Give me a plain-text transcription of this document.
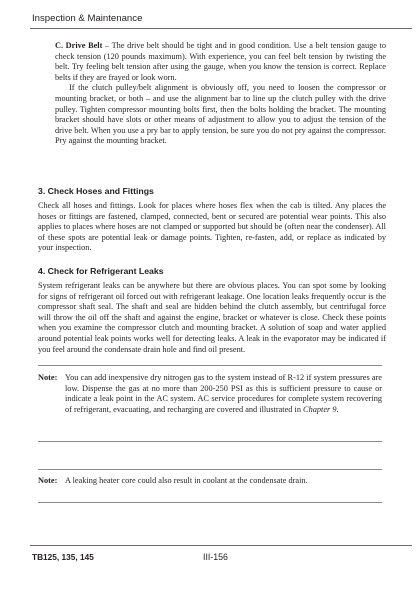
Inspection & Maintenance

C. Drive Belt – The drive belt should be tight and in good condition. Use a belt tension gauge to check tension (120 pounds maximum). With experience, you can feel belt tension by twisting the belt. Try feeling belt tension after using the gauge, when you know the tension is correct. Replace belts if they are frayed or look worn.

If the clutch pulley/belt alignment is obviously off, you need to loosen the compressor or mounting bracket, or both – and use the alignment bar to line up the clutch pulley with the drive pulley. Tighten compressor mounting bolts first, then the bolts holding the bracket. The mounting bracket should have slots or other means of adjustment to allow you to adjust the tension of the drive belt. When you use a pry bar to apply tension, be sure you do not pry against the compressor. Pry against the mounting bracket.

3. Check Hoses and Fittings
Check all hoses and fittings. Look for places where hoses flex when the cab is tilted. Any places the hoses or fittings are fastened, clamped, connected, bent or secured are potential wear points. This also applies to places where hoses are not clamped or supported but should be (often near the condenser). All of these spots are potential leak or damage points. Tighten, re-fasten, add, or replace as indicated by your inspection.
4. Check for Refrigerant Leaks
System refrigerant leaks can be anywhere but there are obvious places. You can spot some by looking for signs of refrigerant oil forced out with refrigerant leakage. One location leaks frequently occur is the compressor shaft seal. The shaft and seal are hidden behind the clutch assembly, but centrifugal force will throw the oil off the shaft and against the engine, bracket or whatever is close. Check these points when you examine the compressor clutch and mounting bracket. A solution of soap and water applied around potential leak points works well for detecting leaks. A leak in the evaporator may be indicated if you feel around the condensate drain hole and find oil present.
Note: You can add inexpensive dry nitrogen gas to the system instead of R-12 if system pressures are low. Dispense the gas at no more than 200-250 PSI as this is sufficient pressure to cause or indicate a leak point in the AC system. AC service procedures for complete system recovering of refrigerant, evacuating, and recharging are covered and illustrated in Chapter 9.
Note: A leaking heater core could also result in coolant at the condensate drain.
TB125, 135, 145	III-156
